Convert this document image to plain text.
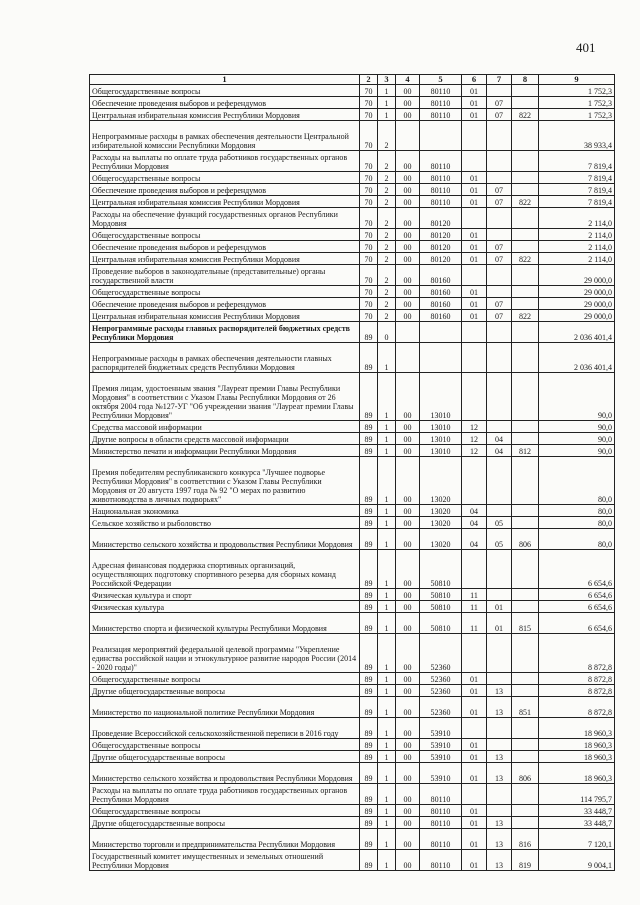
401
1	2	3	4	5	6	7	8	9
Общегосударственные вопросы	70	1	00	80110	01			1 752,3
Обеспечение проведения выборов и референдумов	70	1	00	80110	01	07		1 752,3
Центральная избирательная комиссия Республики Мордовия	70	1	00	80110	01	07	822	1 752,3
Непрограммные расходы в рамках обеспечения деятельности Центральной избирательной комиссии Республики Мордовия	70	2						38 933,4
Расходы на выплаты по оплате труда работников государственных органов Республики Мордовия	70	2	00	80110				7 819,4
Общегосударственные вопросы	70	2	00	80110	01			7 819,4
Обеспечение проведения выборов и референдумов	70	2	00	80110	01	07		7 819,4
Центральная избирательная комиссия Республики Мордовия	70	2	00	80110	01	07	822	7 819,4
Расходы на обеспечение функций государственных органов Республики Мордовия	70	2	00	80120				2 114,0
Общегосударственные вопросы	70	2	00	80120	01			2 114,0
Обеспечение проведения выборов и референдумов	70	2	00	80120	01	07		2 114,0
Центральная избирательная комиссия Республики Мордовия	70	2	00	80120	01	07	822	2 114,0
Проведение выборов в законодательные (представительные) органы государственной власти	70	2	00	80160				29 000,0
Общегосударственные вопросы	70	2	00	80160	01			29 000,0
Обеспечение проведения выборов и референдумов	70	2	00	80160	01	07		29 000,0
Центральная избирательная комиссия Республики Мордовия	70	2	00	80160	01	07	822	29 000,0
Непрограммные расходы главных распорядителей бюджетных средств Республики Мордовия	89	0						2 036 401,4
Непрограммные расходы в рамках обеспечения деятельности главных распорядителей бюджетных средств Республики Мордовия	89	1						2 036 401,4
Премия лицам, удостоенным звания "Лауреат премии Главы Республики Мордовия" в соответствии с Указом Главы Республики Мордовия от 26 октября 2004 года №127-УГ "Об учреждении звания "Лауреат премии Главы Республики Мордовия"	89	1	00	13010				90,0
Средства массовой информации	89	1	00	13010	12			90,0
Другие вопросы в области средств массовой информации	89	1	00	13010	12	04		90,0
Министерство печати и информации Республики Мордовия	89	1	00	13010	12	04	812	90,0
Премия победителям республиканского конкурса "Лучшее подворье Республики Мордовия" в соответствии с Указом Главы Республики Мордовия от 20 августа 1997 года № 92 "О мерах по развитию животноводства в личных подворьях"	89	1	00	13020				80,0
Национальная экономика	89	1	00	13020	04			80,0
Сельское хозяйство и рыболовство	89	1	00	13020	04	05		80,0
Министерство сельского хозяйства и продовольствия Республики Мордовия	89	1	00	13020	04	05	806	80,0
Адресная финансовая поддержка спортивных организаций, осуществляющих подготовку спортивного резерва для сборных команд Российской Федерации	89	1	00	50810				6 654,6
Физическая культура и спорт	89	1	00	50810	11			6 654,6
Физическая культура	89	1	00	50810	11	01		6 654,6
Министерство спорта и физической культуры Республики Мордовия	89	1	00	50810	11	01	815	6 654,6
Реализация мероприятий федеральной целевой программы "Укрепление единства российской нации и этнокультурное развитие народов России (2014 - 2020 годы)"	89	1	00	52360				8 872,8
Общегосударственные вопросы	89	1	00	52360	01			8 872,8
Другие общегосударственные вопросы	89	1	00	52360	01	13		8 872,8
Министерство по национальной политике Республики Мордовия	89	1	00	52360	01	13	851	8 872,8
Проведение Всероссийской сельскохозяйственной переписи в 2016 году	89	1	00	53910				18 960,3
Общегосударственные вопросы	89	1	00	53910	01			18 960,3
Другие общегосударственные вопросы	89	1	00	53910	01	13		18 960,3
Министерство сельского хозяйства и продовольствия Республики Мордовия	89	1	00	53910	01	13	806	18 960,3
Расходы на выплаты по оплате труда работников государственных органов Республики Мордовия	89	1	00	80110				114 795,7
Общегосударственные вопросы	89	1	00	80110	01			33 448,7
Другие общегосударственные вопросы	89	1	00	80110	01	13		33 448,7
Министерство торговли и предпринимательства Республики Мордовия	89	1	00	80110	01	13	816	7 120,1
Государственный комитет имущественных и земельных отношений Республики Мордовия	89	1	00	80110	01	13	819	9 004,1
